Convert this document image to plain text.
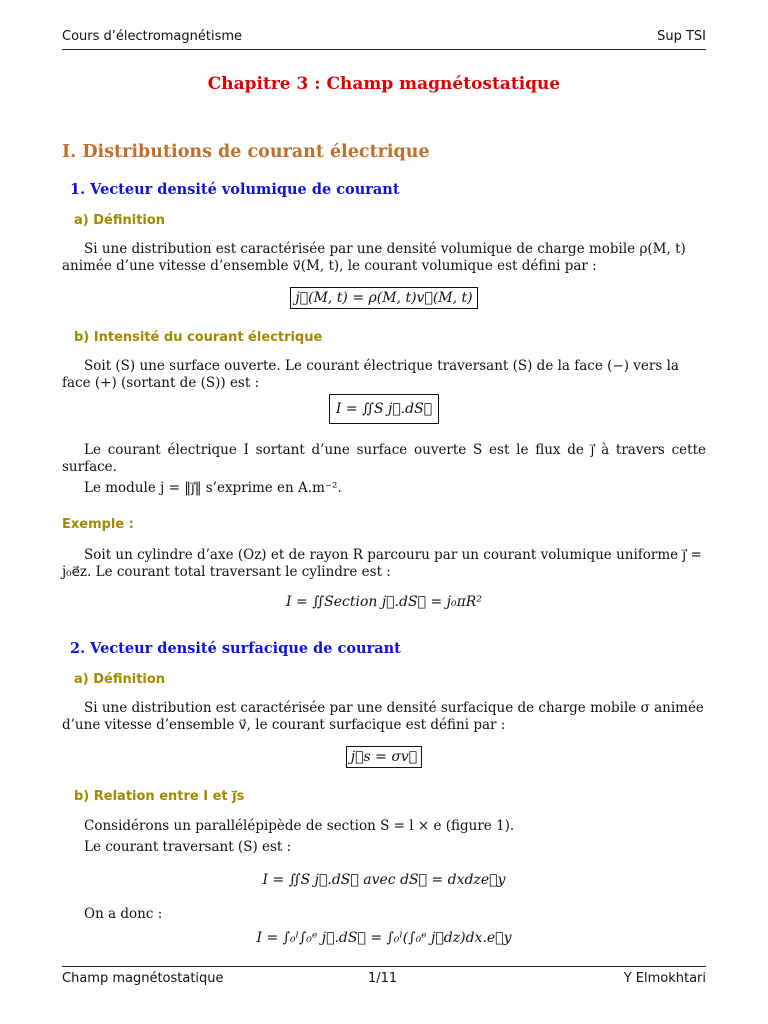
Cours d’électromagnétisme	Sup TSI
Chapitre 3 : Champ magnétostatique
I. Distributions de courant électrique
1. Vecteur densité volumique de courant
a) Définition
Si une distribution est caractérisée par une densité volumique de charge mobile ρ(M, t) animée d’une vitesse d’ensemble v⃗(M, t), le courant volumique est défini par :
j⃗(M, t) = ρ(M, t)v⃗(M, t)
b) Intensité du courant électrique
Soit (S) une surface ouverte. Le courant électrique traversant (S) de la face (−) vers la face (+) (sortant de (S)) est :
I = ∬S j⃗.dS⃗
Le courant électrique I sortant d’une surface ouverte S est le flux de j⃗ à travers cette surface.
Le module j = ‖j⃗‖ s’exprime en A.m⁻².
Exemple :
Soit un cylindre d’axe (Oz) et de rayon R parcouru par un courant volumique uniforme j⃗ = j₀e⃗z. Le courant total traversant le cylindre est :
I = ∬Section j⃗.dS⃗ = j₀πR²
2. Vecteur densité surfacique de courant
a) Définition
Si une distribution est caractérisée par une densité surfacique de charge mobile σ animée d’une vitesse d’ensemble v⃗, le courant surfacique est défini par :
j⃗s = σv⃗
b) Relation entre I et j⃗s
Considérons un parallélépipède de section S = l × e (figure 1).
Le courant traversant (S) est :
I = ∬S j⃗.dS⃗ avec dS⃗ = dxdze⃗y
On a donc :
I = ∫₀ˡ∫₀ᵉ j⃗.dS⃗ = ∫₀ˡ(∫₀ᵉ j⃗dz)dx.e⃗y
Champ magnétostatique	1/11	Y Elmokhtari
